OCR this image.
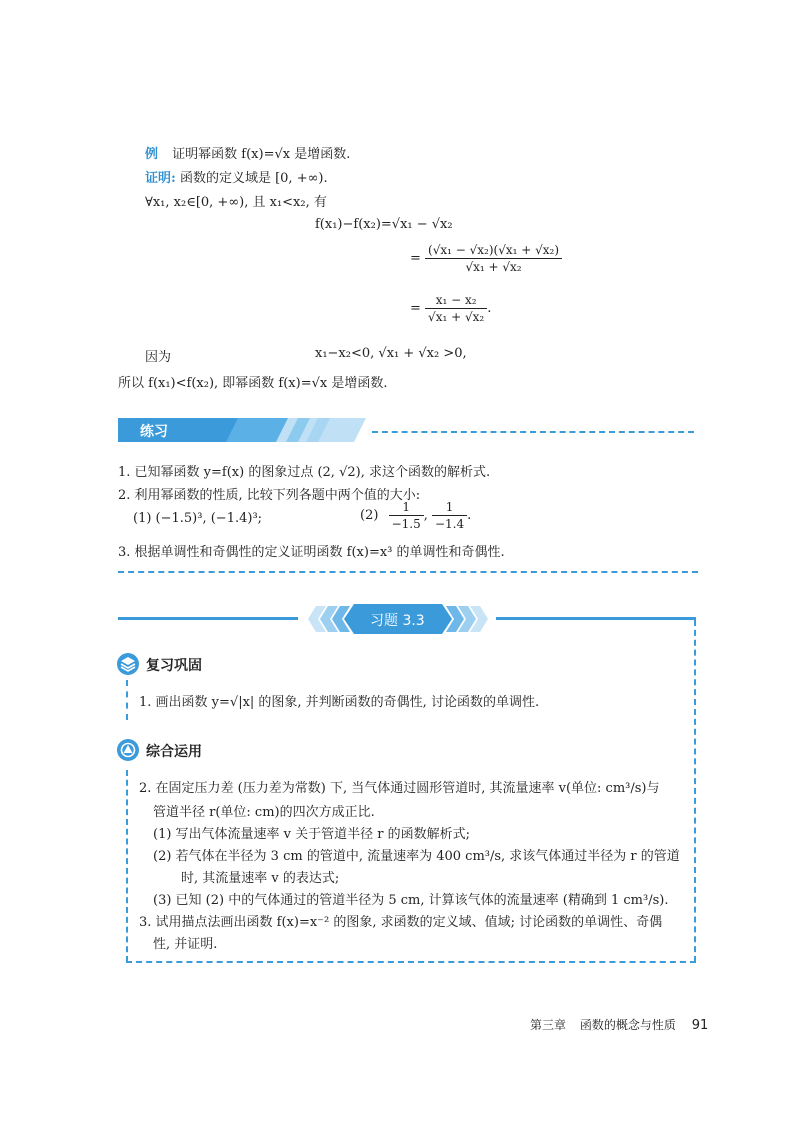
例 证明幂函数 f(x)=√x 是增函数.
证明: 函数的定义域是 [0, +∞).
∀x₁, x₂∈[0, +∞), 且 x₁<x₂, 有
f(x₁)−f(x₂)=√x₁ − √x₂
= $\frac{\text{(√x₁ − √x₂)(√x₁ + √x₂)}}{\text{√x₁ + √x₂}}$
= $\frac{\text{x₁ − x₂}}{\text{√x₁ + √x₂}}$ .
因为	x₁−x₂<0, √x₁ + √x₂ >0,
所以 f(x₁)<f(x₂), 即幂函数 f(x)=√x 是增函数.
练习
1. 已知幂函数 y=f(x) 的图象过点 (2, √2), 求这个函数的解析式.
2. 利用幂函数的性质, 比较下列各题中两个值的大小:
(1) (−1.5)³, (−1.4)³;	$(2) \frac{1}{-1.5}$ , $\frac{1}{-1.4}$ .
3. 根据单调性和奇偶性的定义证明函数 f(x)=x³ 的单调性和奇偶性.
习题 3.3
复习巩固
1. 画出函数 y=√|x| 的图象, 并判断函数的奇偶性, 讨论函数的单调性.
综合运用
2. 在固定压力差 (压力差为常数) 下, 当气体通过圆形管道时, 其流量速率 v(单位: cm³/s)与
管道半径 r(单位: cm)的四次方成正比.
(1) 写出气体流量速率 v 关于管道半径 r 的函数解析式;
(2) 若气体在半径为 3 cm 的管道中, 流量速率为 400 cm³/s, 求该气体通过半径为 r 的管道
时, 其流量速率 v 的表达式;
(3) 已知 (2) 中的气体通过的管道半径为 5 cm, 计算该气体的流量速率 (精确到 1 cm³/s).
3. 试用描点法画出函数 f(x)=x⁻² 的图象, 求函数的定义域、值域; 讨论函数的单调性、奇偶
性, 并证明.
第三章 函数的概念与性质 91
